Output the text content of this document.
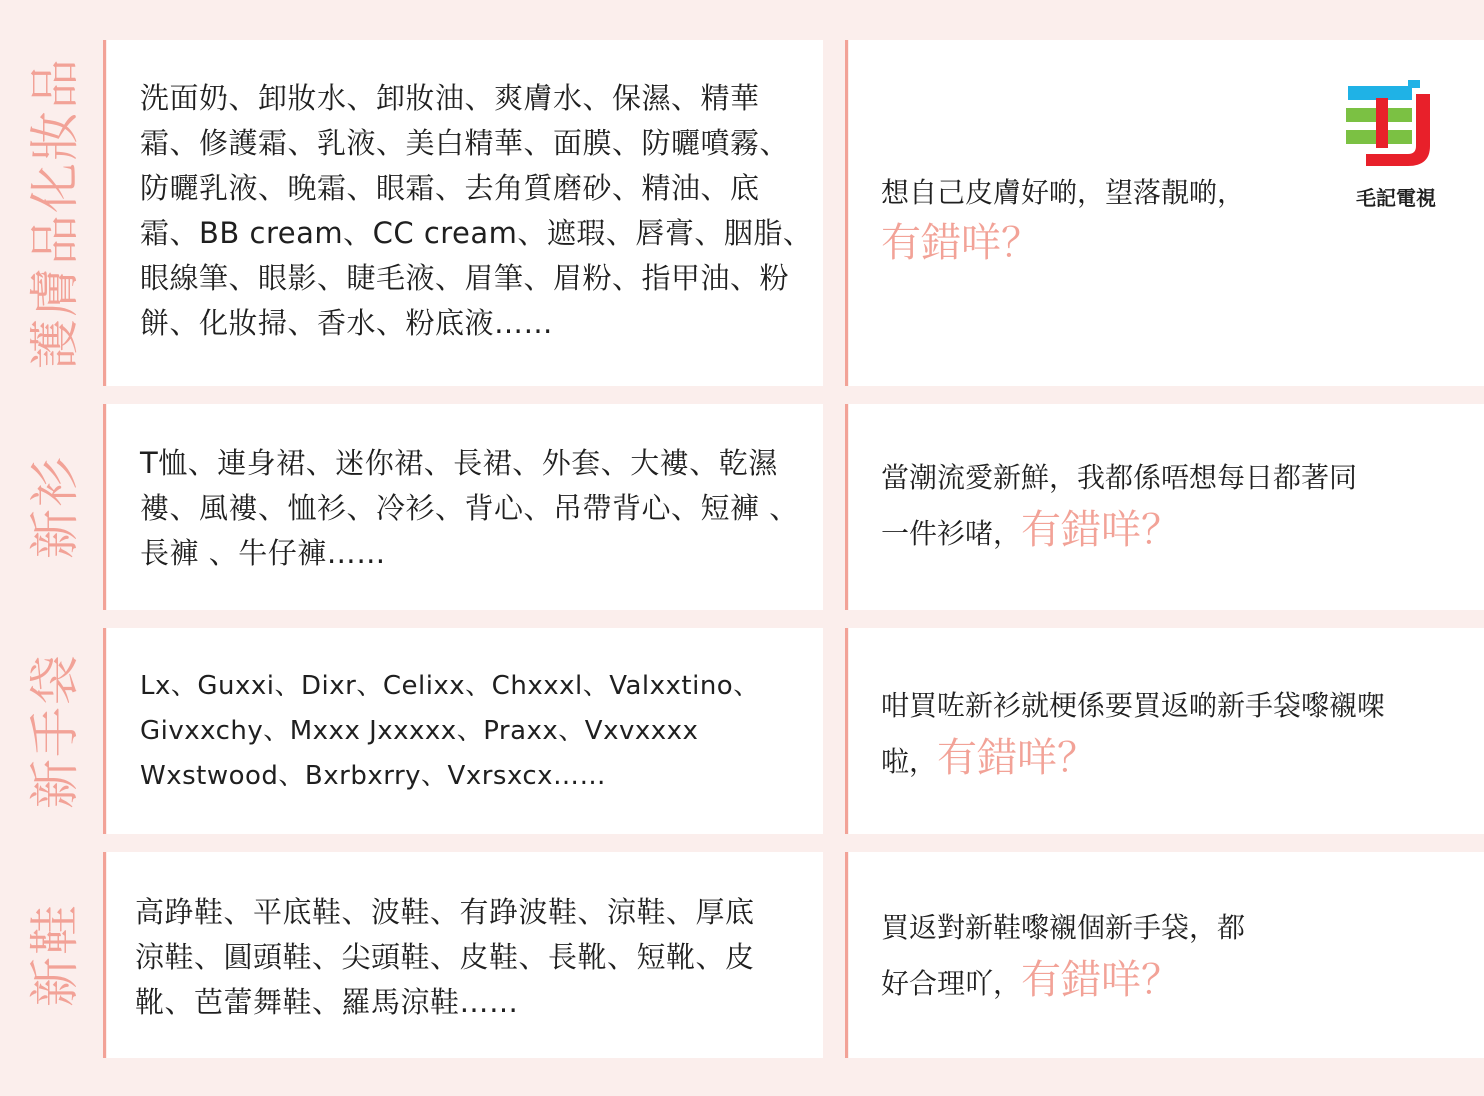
護膚品化妝品 洗面奶、卸妝水、卸妝油、爽膚水、保濕、精華霜、修護霜、乳液、美白精華、面膜、防曬噴霧、防曬乳液、晚霜、眼霜、去角質磨砂、精油、底霜、BB cream、CC cream、遮瑕、唇膏、胭脂、眼線筆、眼影、睫毛液、眉筆、眉粉、指甲油、粉餅、化妝掃、香水、粉底液……

想自己皮膚好啲，望落靚啲，
有錯咩？

毛記電視
新衫 T恤、連身裙、迷你裙、長裙、外套、大褸、乾濕褸、風褸、恤衫、冷衫、背心、吊帶背心、短褲 、長褲 、牛仔褲……

當潮流愛新鮮，我都係唔想每日都著同一件衫啫，有錯咩？

新手袋 Lx、Guxxi、Dixr、Celixx、Chxxxl、Valxxtino、Givxxchy、Mxxx Jxxxxx、Praxx、Vxvxxxx Wxstwood、Bxrbxrry、Vxrsxcx……

咁買咗新衫就梗係要買返啲新手袋嚟襯㗎啦，有錯咩？

新鞋 高踭鞋、平底鞋、波鞋、有踭波鞋、涼鞋、厚底涼鞋、圓頭鞋、尖頭鞋、皮鞋、長靴、短靴、皮靴、芭蕾舞鞋、羅馬涼鞋……

買返對新鞋嚟襯個新手袋，都好合理吖，有錯咩？
